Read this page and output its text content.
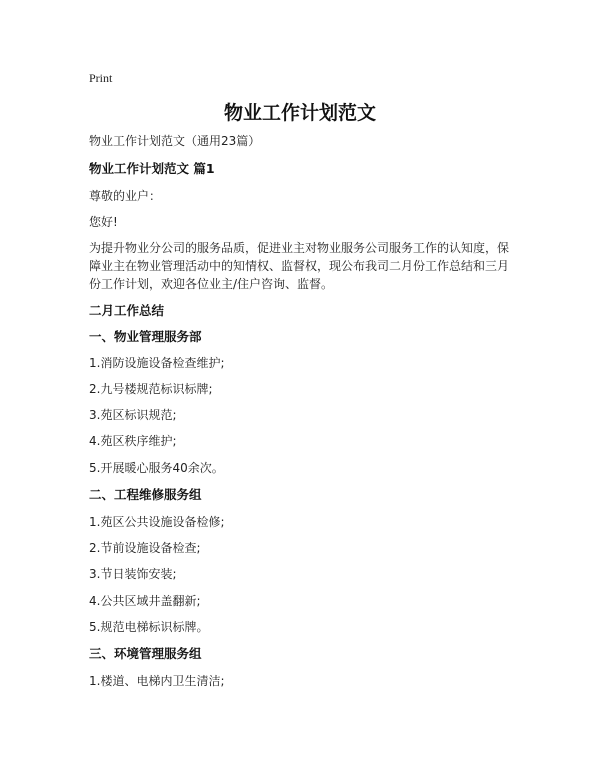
Print
物业工作计划范文
物业工作计划范文（通用23篇）
物业工作计划范文 篇1
尊敬的业户：
您好!
为提升物业分公司的服务品质，促进业主对物业服务公司服务工作的认知度，保障业主在物业管理活动中的知情权、监督权，现公布我司二月份工作总结和三月份工作计划，欢迎各位业主/住户咨询、监督。
二月工作总结
一、物业管理服务部
1.消防设施设备检查维护;
2.九号楼规范标识标牌;
3.苑区标识规范;
4.苑区秩序维护;
5.开展暖心服务40余次。
二、工程维修服务组
1.苑区公共设施设备检修;
2.节前设施设备检查;
3.节日装饰安装;
4.公共区域井盖翻新;
5.规范电梯标识标牌。
三、环境管理服务组
1.楼道、电梯内卫生清洁;
